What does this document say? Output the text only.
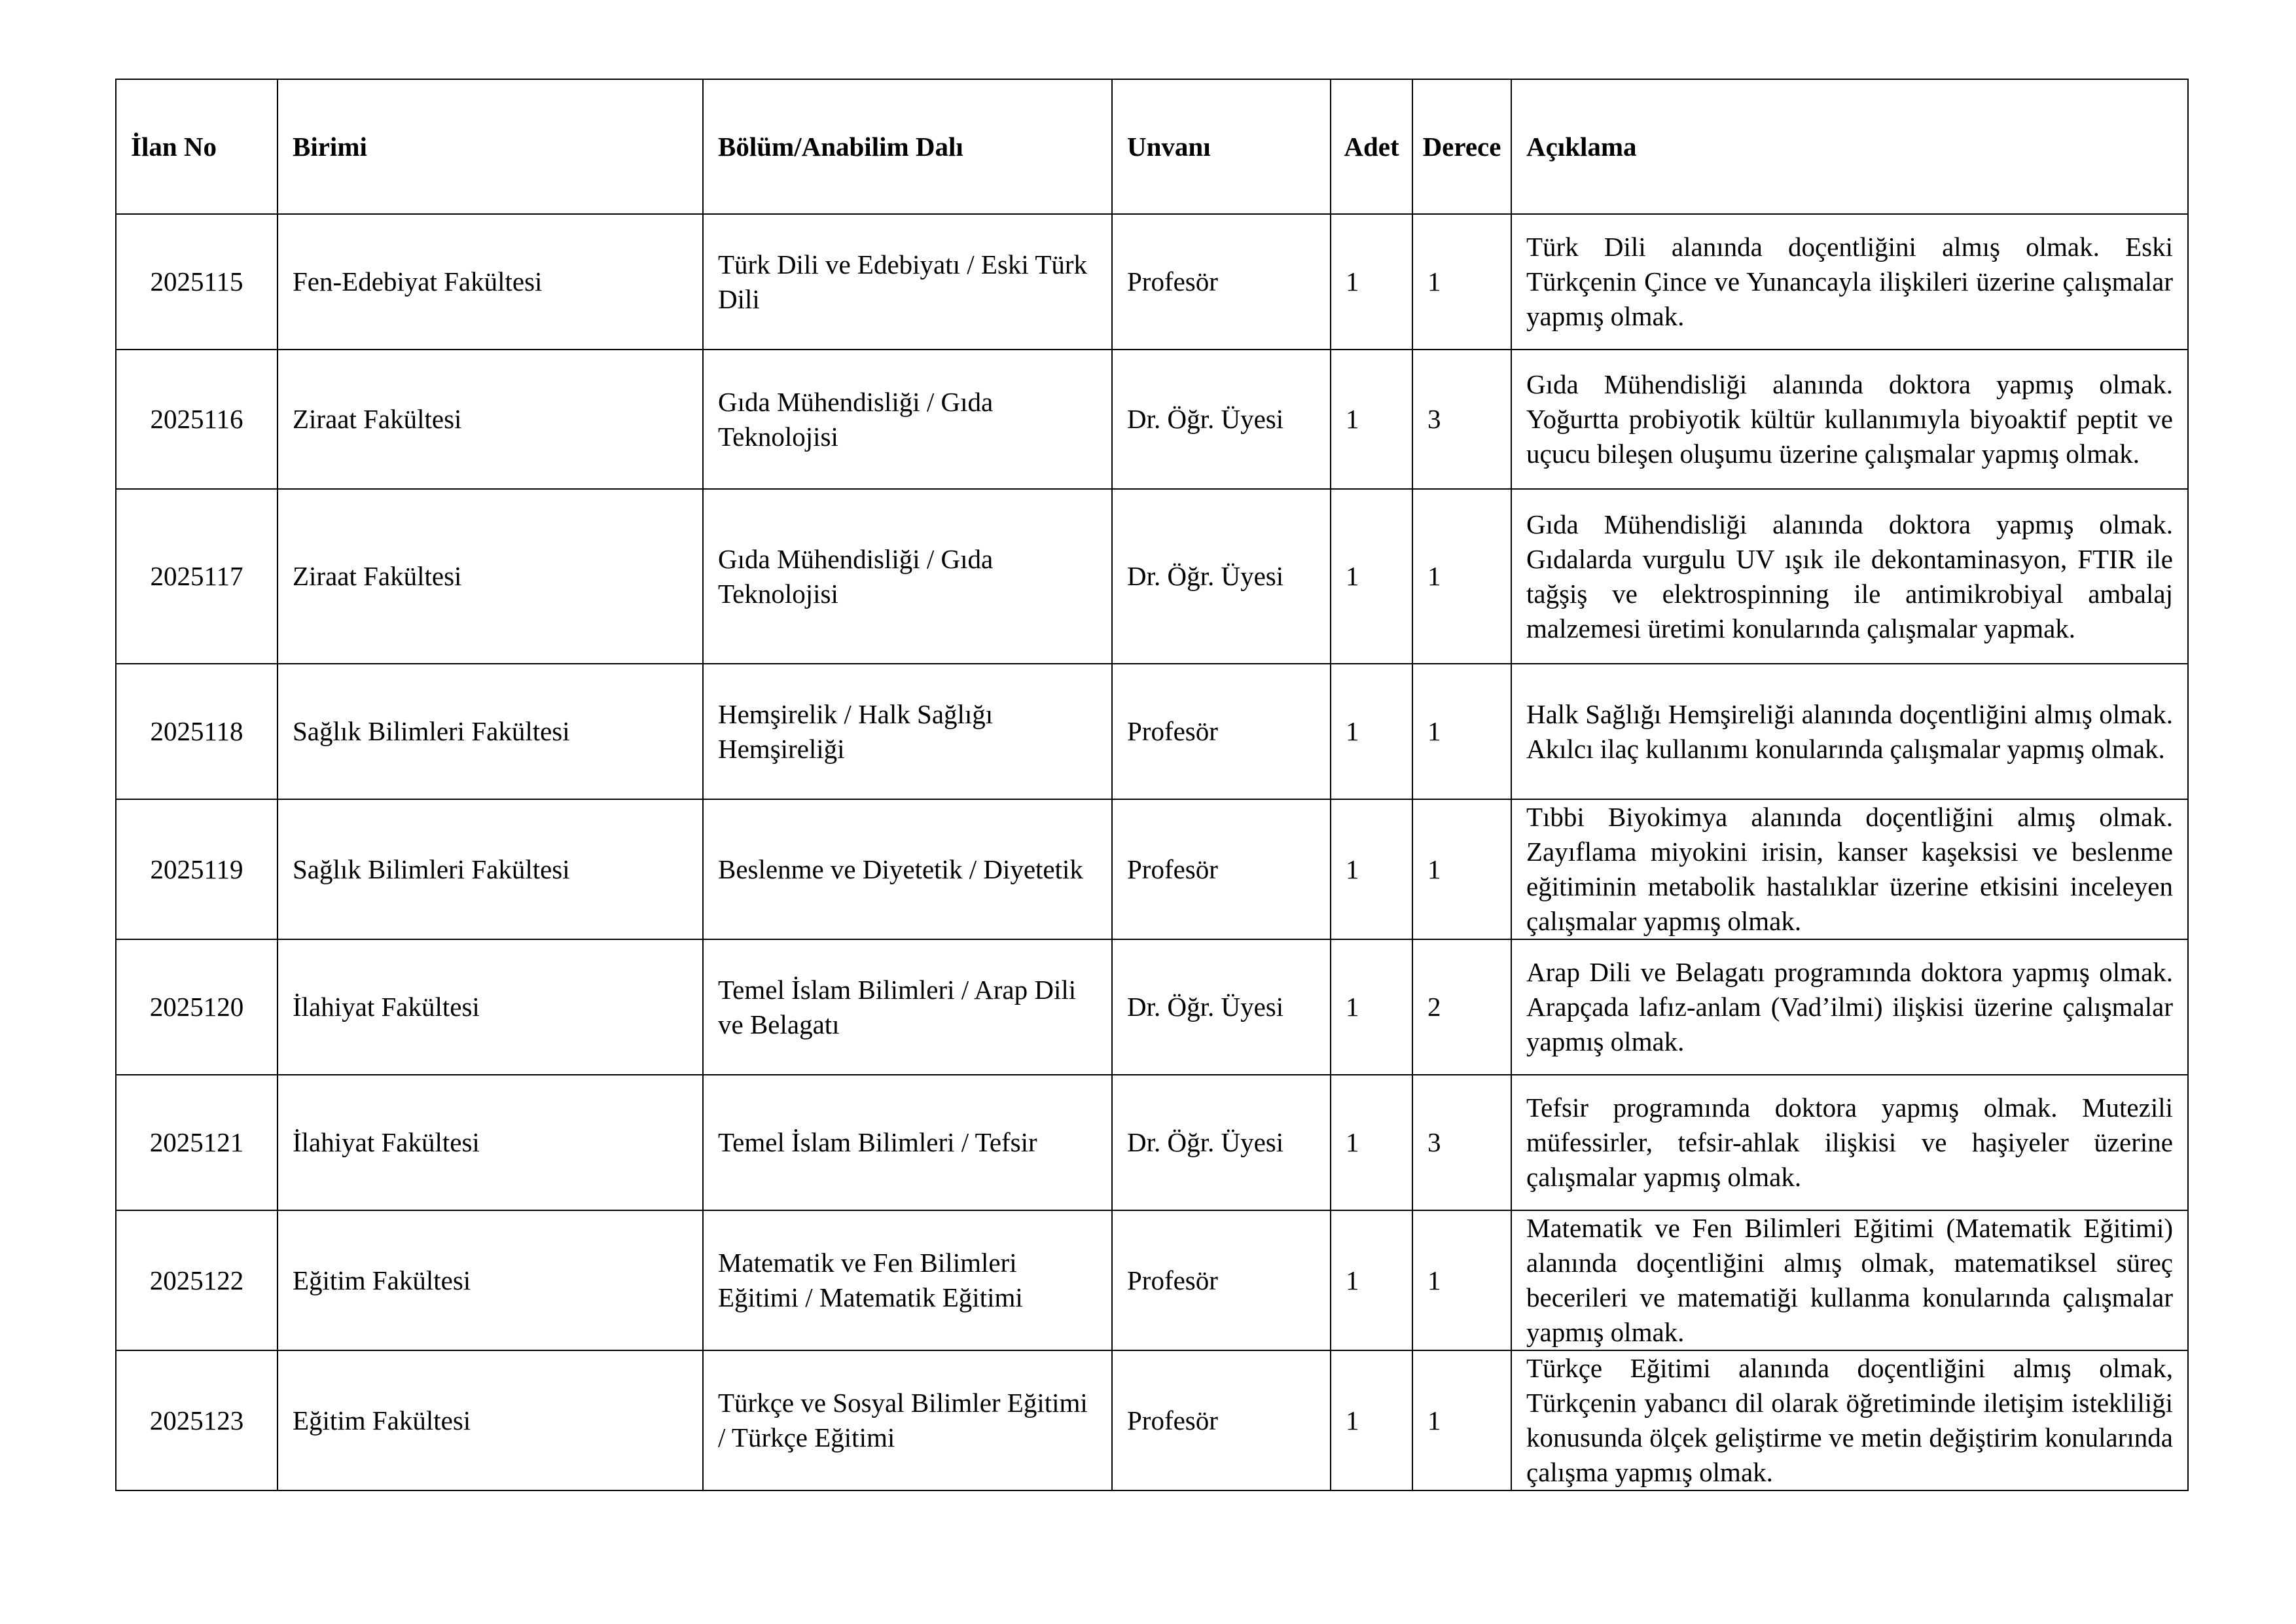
İlan No	Birimi	Bölüm/Anabilim Dalı	Unvanı	Adet	Derece	Açıklama
2025115	Fen-Edebiyat Fakültesi	Türk Dili ve Edebiyatı / Eski Türk Dili	Profesör	1	1	Türk Dili alanında doçentliğini almış olmak. Eski Türkçenin Çince ve Yunancayla ilişkileri üzerine çalışmalar yapmış olmak.
2025116	Ziraat Fakültesi	Gıda Mühendisliği / Gıda Teknolojisi	Dr. Öğr. Üyesi	1	3	Gıda Mühendisliği alanında doktora yapmış olmak. Yoğurtta probiyotik kültür kullanımıyla biyoaktif peptit ve uçucu bileşen oluşumu üzerine çalışmalar yapmış olmak.
2025117	Ziraat Fakültesi	Gıda Mühendisliği / Gıda Teknolojisi	Dr. Öğr. Üyesi	1	1	Gıda Mühendisliği alanında doktora yapmış olmak. Gıdalarda vurgulu UV ışık ile dekontaminasyon, FTIR ile tağşiş ve elektrospinning ile antimikrobiyal ambalaj malzemesi üretimi konularında çalışmalar yapmak.
2025118	Sağlık Bilimleri Fakültesi	Hemşirelik / Halk Sağlığı Hemşireliği	Profesör	1	1	Halk Sağlığı Hemşireliği alanında doçentliğini almış olmak. Akılcı ilaç kullanımı konularında çalışmalar yapmış olmak.
2025119	Sağlık Bilimleri Fakültesi	Beslenme ve Diyetetik / Diyetetik	Profesör	1	1	Tıbbi Biyokimya alanında doçentliğini almış olmak. Zayıflama miyokini irisin, kanser kaşeksisi ve beslenme eğitiminin metabolik hastalıklar üzerine etkisini inceleyen çalışmalar yapmış olmak.
2025120	İlahiyat Fakültesi	Temel İslam Bilimleri / Arap Dili ve Belagatı	Dr. Öğr. Üyesi	1	2	Arap Dili ve Belagatı programında doktora yapmış olmak. Arapçada lafız-anlam (Vad’ilmi) ilişkisi üzerine çalışmalar yapmış olmak.
2025121	İlahiyat Fakültesi	Temel İslam Bilimleri / Tefsir	Dr. Öğr. Üyesi	1	3	Tefsir programında doktora yapmış olmak. Mutezili müfessirler, tefsir-ahlak ilişkisi ve haşiyeler üzerine çalışmalar yapmış olmak.
2025122	Eğitim Fakültesi	Matematik ve Fen Bilimleri Eğitimi / Matematik Eğitimi	Profesör	1	1	Matematik ve Fen Bilimleri Eğitimi (Matematik Eğitimi) alanında doçentliğini almış olmak, matematiksel süreç becerileri ve matematiği kullanma konularında çalışmalar yapmış olmak.
2025123	Eğitim Fakültesi	Türkçe ve Sosyal Bilimler Eğitimi / Türkçe Eğitimi	Profesör	1	1	Türkçe Eğitimi alanında doçentliğini almış olmak, Türkçenin yabancı dil olarak öğretiminde iletişim istekliliği konusunda ölçek geliştirme ve metin değiştirim konularında çalışma yapmış olmak.
